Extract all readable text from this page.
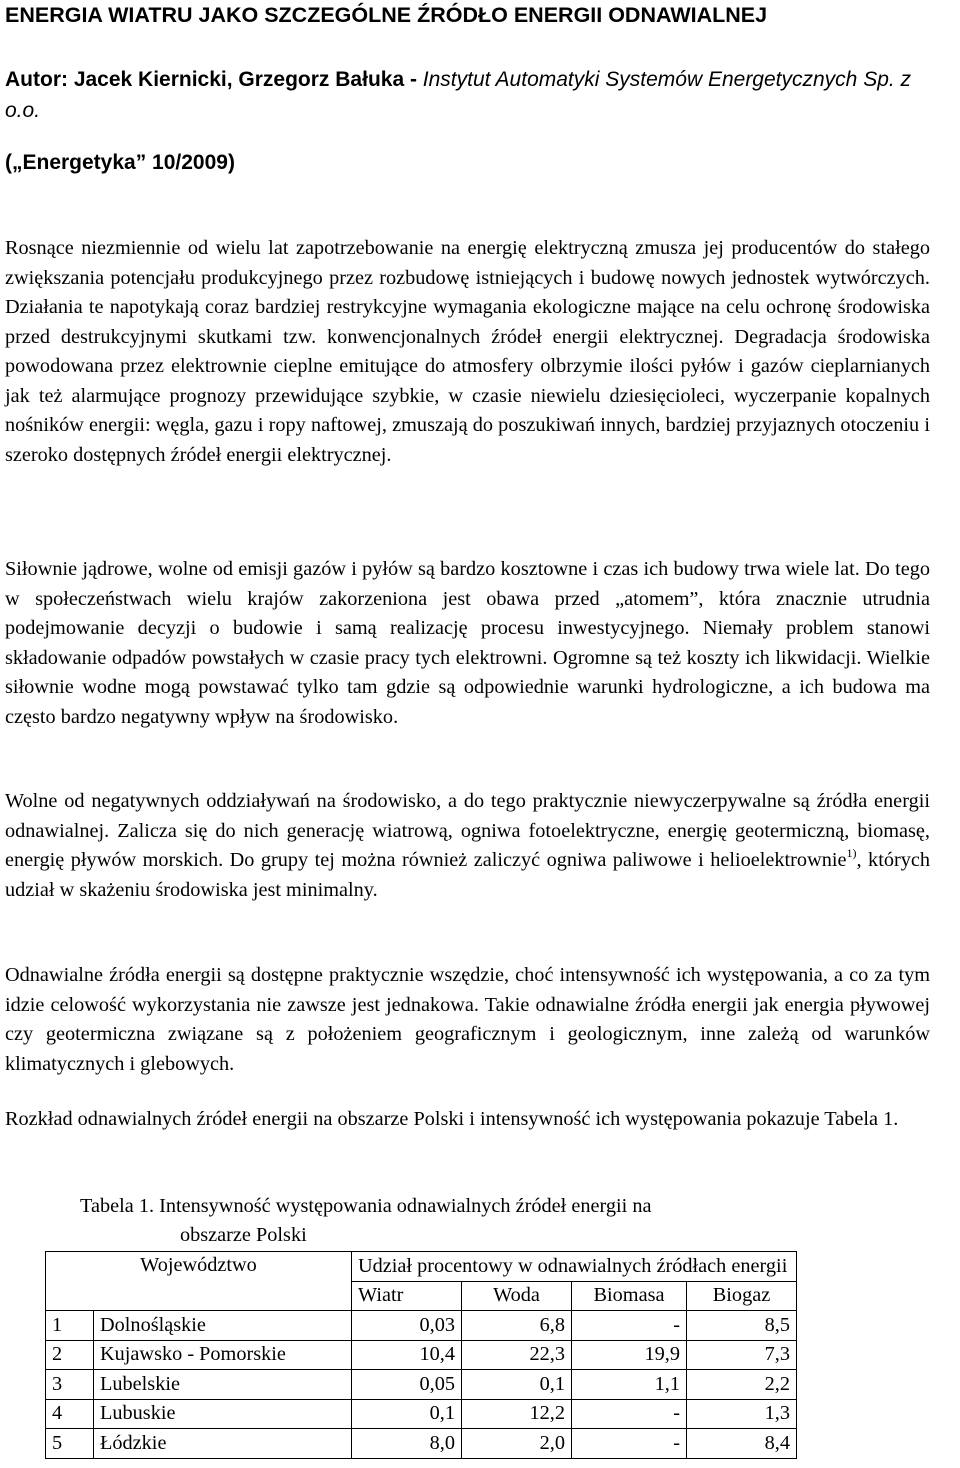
ENERGIA WIATRU JAKO SZCZEGÓLNE ŹRÓDŁO ENERGII ODNAWIALNEJ
Autor: Jacek Kiernicki, Grzegorz Bałuka - Instytut Automatyki Systemów Energetycznych Sp. z o.o.
(„Energetyka” 10/2009)

Rosnące niezmiennie od wielu lat zapotrzebowanie na energię elektryczną zmusza jej producentów do stałego zwiększania potencjału produkcyjnego przez rozbudowę istniejących i budowę nowych jednostek wytwórczych. Działania te napotykają coraz bardziej restrykcyjne wymagania ekologiczne mające na celu ochronę środowiska przed destrukcyjnymi skutkami tzw. konwencjonalnych źródeł energii elektrycznej. Degradacja środowiska powodowana przez elektrownie cieplne emitujące do atmosfery olbrzymie ilości pyłów i gazów cieplarnianych jak też alarmujące prognozy przewidujące szybkie, w czasie niewielu dziesięcioleci, wyczerpanie kopalnych nośników energii: węgla, gazu i ropy naftowej, zmuszają do poszukiwań innych, bardziej przyjaznych otoczeniu i szeroko dostępnych źródeł energii elektrycznej.

Siłownie jądrowe, wolne od emisji gazów i pyłów są bardzo kosztowne i czas ich budowy trwa wiele lat. Do tego w społeczeństwach wielu krajów zakorzeniona jest obawa przed „atomem”, która znacznie utrudnia podejmowanie decyzji o budowie i samą realizację procesu inwestycyjnego. Niemały problem stanowi składowanie odpadów powstałych w czasie pracy tych elektrowni. Ogromne są też koszty ich likwidacji. Wielkie siłownie wodne mogą powstawać tylko tam gdzie są odpowiednie warunki hydrologiczne, a ich budowa ma często bardzo negatywny wpływ na środowisko.

Wolne od negatywnych oddziaływań na środowisko, a do tego praktycznie niewyczerpywalne są źródła energii odnawialnej. Zalicza się do nich generację wiatrową, ogniwa fotoelektryczne, energię geotermiczną, biomasę, energię pływów morskich. Do grupy tej można również zaliczyć ogniwa paliwowe i helioelektrownie$^{1)}$, których udział w skażeniu środowiska jest minimalny.

Odnawialne źródła energii są dostępne praktycznie wszędzie, choć intensywność ich występowania, a co za tym idzie celowość wykorzystania nie zawsze jest jednakowa. Takie odnawialne źródła energii jak energia pływowej czy geotermiczna związane są z położeniem geograficznym i geologicznym, inne zależą od warunków klimatycznych i glebowych.

Rozkład odnawialnych źródeł energii na obszarze Polski i intensywność ich występowania pokazuje Tabela 1.

Tabela 1. Intensywność występowania odnawialnych źródeł energii na
obszarze Polski
Województwo		Udział procentowy w odnawialnych źródłach energii			
		Wiatr	Woda	Biomasa	Biogaz
1	Dolnośląskie	0,03	6,8	-	8,5
2	Kujawsko - Pomorskie	10,4	22,3	19,9	7,3
3	Lubelskie	0,05	0,1	1,1	2,2
4	Lubuskie	0,1	12,2	-	1,3
5	Łódzkie	8,0	2,0	-	8,4
